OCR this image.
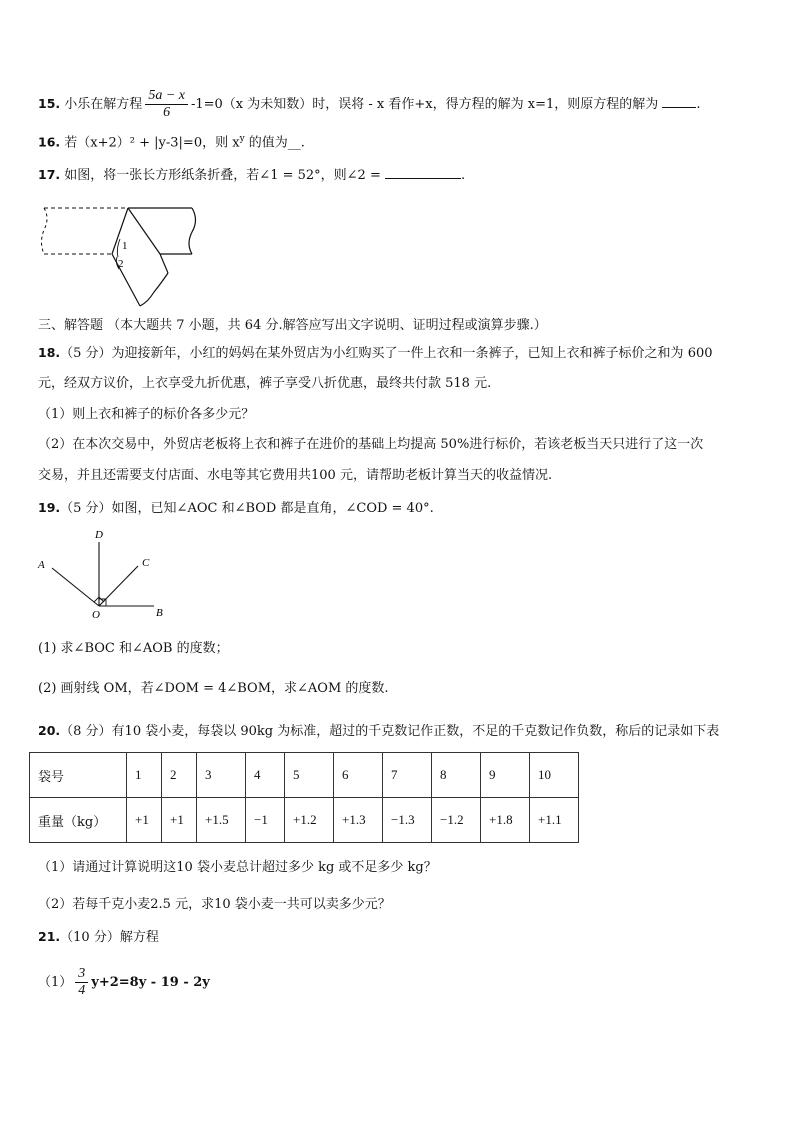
15. 小乐在解方程 $\frac{5a - x}{6} -1=0(x$ 为未知数）时，误将 - x 看作+x，得方程的解为 x=1，则原方程的解为	.
16. 若（x+2）² + |y-3|=0，则 $x^y$ 的值为__.
17. 如图，将一张长方形纸条折叠，若∠1 = 52°，则∠2 =	.
1
2
三、解答题 （本大题共 7 小题，共 64 分.解答应写出文字说明、证明过程或演算步骤.）
18.（5 分）为迎接新年，小红的妈妈在某外贸店为小红购买了一件上衣和一条裤子，已知上衣和裤子标价之和为 600
元，经双方议价，上衣享受九折优惠，裤子享受八折优惠，最终共付款 518 元.
（1）则上衣和裤子的标价各多少元？
（2）在本次交易中，外贸店老板将上衣和裤子在进价的基础上均提高 50%进行标价，若该老板当天只进行了这一次
交易，并且还需要支付店面、水电等其它费用共100 元，请帮助老板计算当天的收益情况.
19.（5 分）如图，已知∠AOC 和∠BOD 都是直角，∠COD = 40°.
A
B
C
D
O
(1) 求∠BOC 和∠AOB 的度数；
(2) 画射线 OM，若∠DOM = 4∠BOM，求∠AOM 的度数.
20.（8 分）有10 袋小麦，每袋以 90kg 为标准，超过的千克数记作正数，不足的千克数记作负数，称后的记录如下表
袋号	1	2	3	4	5	6	7	8	9	10
重量（kg）	+1	+1	+1.5	−1	+1.2	+1.3	−1.3	−1.2	+1.8	+1.1
（1）请通过计算说明这10 袋小麦总计超过多少 kg 或不足多少 kg？
（2）若每千克小麦2.5 元，求10 袋小麦一共可以卖多少元？
21.（10 分）解方程
$(1) \frac{3}{4} y+2=8y - 19 - 2y$
